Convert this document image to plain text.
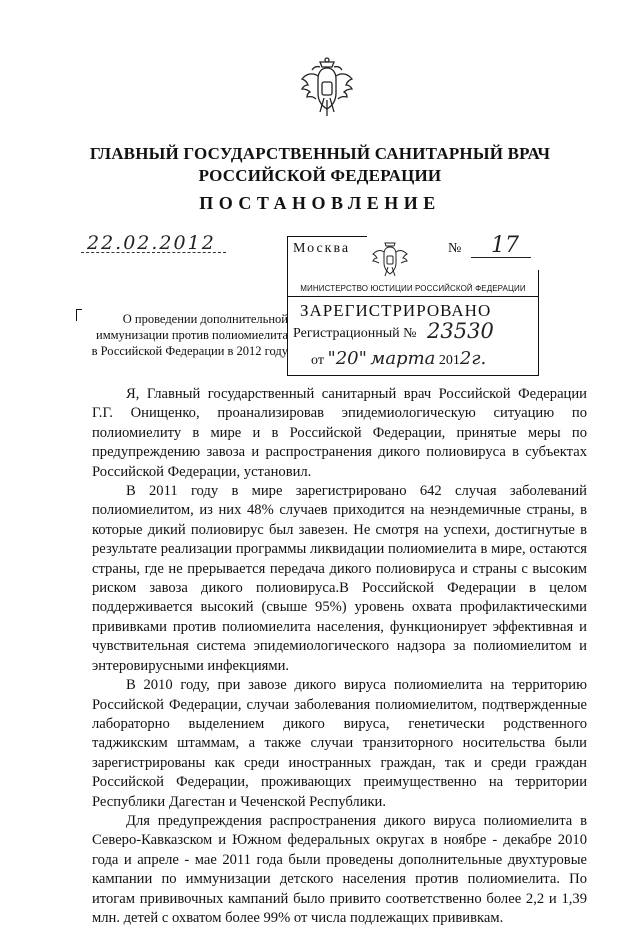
ГЛАВНЫЙ ГОСУДАРСТВЕННЫЙ САНИТАРНЫЙ ВРАЧ
РОССИЙСКОЙ ФЕДЕРАЦИИ
ПОСТАНОВЛЕНИЕ
22.02.2012	Москва	№ 17
МИНИСТЕРСТВО ЮСТИЦИИ РОССИЙСКОЙ ФЕДЕРАЦИИ
ЗАРЕГИСТРИРОВАНО
Регистрационный № 23530
от "20" марта 2012г.
О проведении дополнительной
иммунизации против полиомиелита
в Российской Федерации в 2012 году

Я, Главный государственный санитарный врач Российской Федерации Г.Г. Онищенко, проанализировав эпидемиологическую ситуацию по полиомиелиту в мире и в Российской Федерации, принятые меры по предупреждению завоза и распространения дикого полиовируса в субъектах Российской Федерации, установил.

В 2011 году в мире зарегистрировано 642 случая заболеваний полиомиелитом, из них 48% случаев приходится на неэндемичные страны, в которые дикий полиовирус был завезен. Не смотря на успехи, достигнутые в результате реализации программы ликвидации полиомиелита в мире, остаются страны, где не прерывается передача дикого полиовируса и страны с высоким риском завоза дикого полиовируса.В Российской Федерации в целом поддерживается высокий (свыше 95%) уровень охвата профилактическими прививками против полиомиелита населения, функционирует эффективная и чувствительная система эпидемиологического надзора за полиомиелитом и энтеровирусными инфекциями.

В 2010 году, при завозе дикого вируса полиомиелита на территорию Российской Федерации, случаи заболевания полиомиелитом, подтвержденные лабораторно выделением дикого вируса, генетически родственного таджикским штаммам, а также случаи транзиторного носительства были зарегистрированы как среди иностранных граждан, так и среди граждан Российской Федерации, проживающих преимущественно на территории Республики Дагестан и Чеченской Республики.

Для предупреждения распространения дикого вируса полиомиелита в Северо-Кавказском и Южном федеральных округах в ноябре - декабре 2010 года и апреле - мае 2011 года были проведены дополнительные двухтуровые кампании по иммунизации детского населения против полиомиелита. По итогам прививочных кампаний было привито соответственно более 2,2 и 1,39 млн. детей с охватом более 99% от числа подлежащих прививкам.
